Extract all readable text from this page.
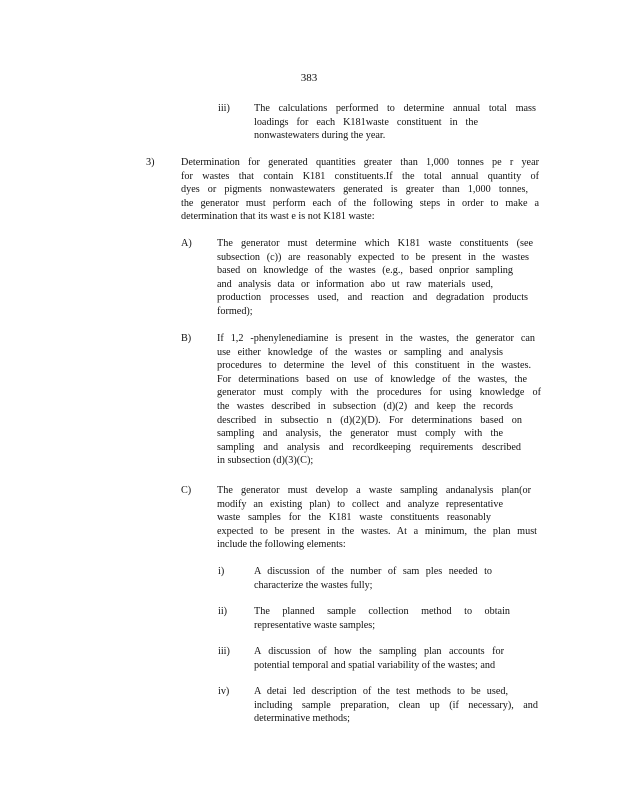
383
iii) The calculations performed to determine annual total mass
loadings for each K181waste constituent in the
nonwastewaters during the year.
3)	Determination for generated quantities greater than 1,000 tonnes pe r year
for wastes that contain K181 constituents.If the total annual quantity of
dyes or pigments nonwastewaters generated is greater than 1,000 tonnes,
the generator must perform each of the following steps in order to make a
determination that its wast e is not K181 waste:
A) The generator must determine which K181 waste constituents (see
subsection (c)) are reasonably expected to be present in the wastes
based on knowledge of the wastes (e.g., based onprior sampling
and analysis data or information abo ut raw materials used,
production processes used, and reaction and degradation products
formed);
B)	If 1,2 -phenylenediamine is present in the wastes, the generator can
use either knowledge of the wastes or sampling and analysis
procedures to determine the level of this constituent in the wastes.
For determinations based on use of knowledge of the wastes, the
generator must comply with the procedures for using knowledge of
the wastes described in subsection (d)(2) and keep the records
described in subsectio n (d)(2)(D). For determinations based on
sampling and analysis, the generator must comply with the
sampling and analysis and recordkeeping requirements described
in subsection (d)(3)(C);
C)	The generator must develop a waste sampling andanalysis plan(or
modify an existing plan) to collect and analyze representative
waste samples for the K181 waste constituents reasonably
expected to be present in the wastes. At a minimum, the plan must
include the following elements:
i)	A discussion of the number of sam ples needed to
characterize the wastes fully;
ii)	The planned sample collection method to obtain
representative waste samples;
iii) A discussion of how the sampling plan accounts for
potential temporal and spatial variability of the wastes; and
iv) A detai led description of the test methods to be used,
including sample preparation, clean up (if necessary), and
determinative methods;
